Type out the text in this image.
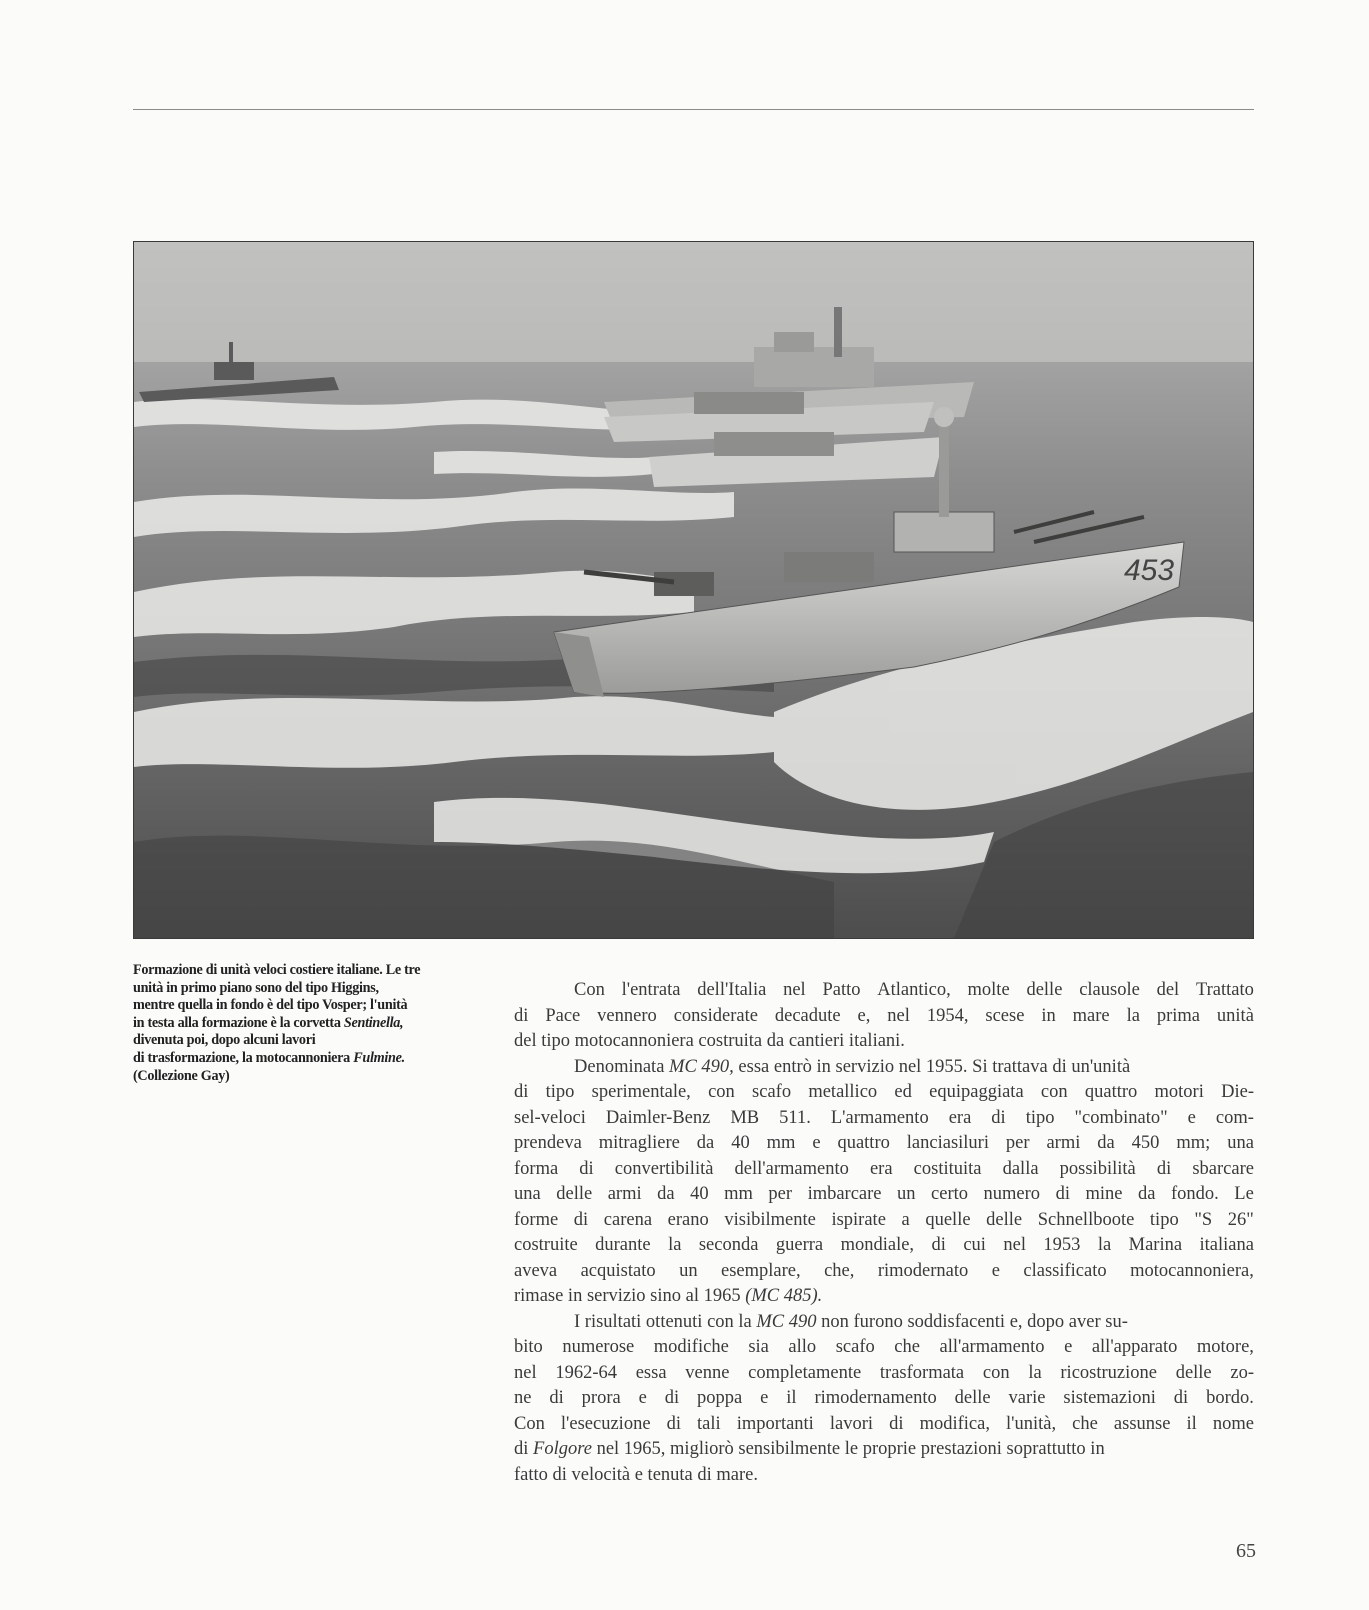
453
Formazione di unità veloci costiere italiane. Le tre
unità in primo piano sono del tipo Higgins,
mentre quella in fondo è del tipo Vosper; l'unità
in testa alla formazione è la corvetta Sentinella,
divenuta poi, dopo alcuni lavori
di trasformazione, la motocannoniera Fulmine.
(Collezione Gay)
Con l'entrata dell'Italia nel Patto Atlantico, molte delle clausole del Trattato
di Pace vennero considerate decadute e, nel 1954, scese in mare la prima unità
del tipo motocannoniera costruita da cantieri italiani.
Denominata MC 490, essa entrò in servizio nel 1955. Si trattava di un'unità
di tipo sperimentale, con scafo metallico ed equipaggiata con quattro motori Die-
sel-veloci Daimler-Benz MB 511. L'armamento era di tipo "combinato" e com-
prendeva mitragliere da 40 mm e quattro lanciasiluri per armi da 450 mm; una
forma di convertibilità dell'armamento era costituita dalla possibilità di sbarcare
una delle armi da 40 mm per imbarcare un certo numero di mine da fondo. Le
forme di carena erano visibilmente ispirate a quelle delle Schnellboote tipo "S 26"
costruite durante la seconda guerra mondiale, di cui nel 1953 la Marina italiana
aveva acquistato un esemplare, che, rimodernato e classificato motocannoniera,
rimase in servizio sino al 1965 (MC 485).
I risultati ottenuti con la MC 490 non furono soddisfacenti e, dopo aver su-
bito numerose modifiche sia allo scafo che all'armamento e all'apparato motore,
nel 1962-64 essa venne completamente trasformata con la ricostruzione delle zo-
ne di prora e di poppa e il rimodernamento delle varie sistemazioni di bordo.
Con l'esecuzione di tali importanti lavori di modifica, l'unità, che assunse il nome
di Folgore nel 1965, migliorò sensibilmente le proprie prestazioni soprattutto in
fatto di velocità e tenuta di mare.
65
